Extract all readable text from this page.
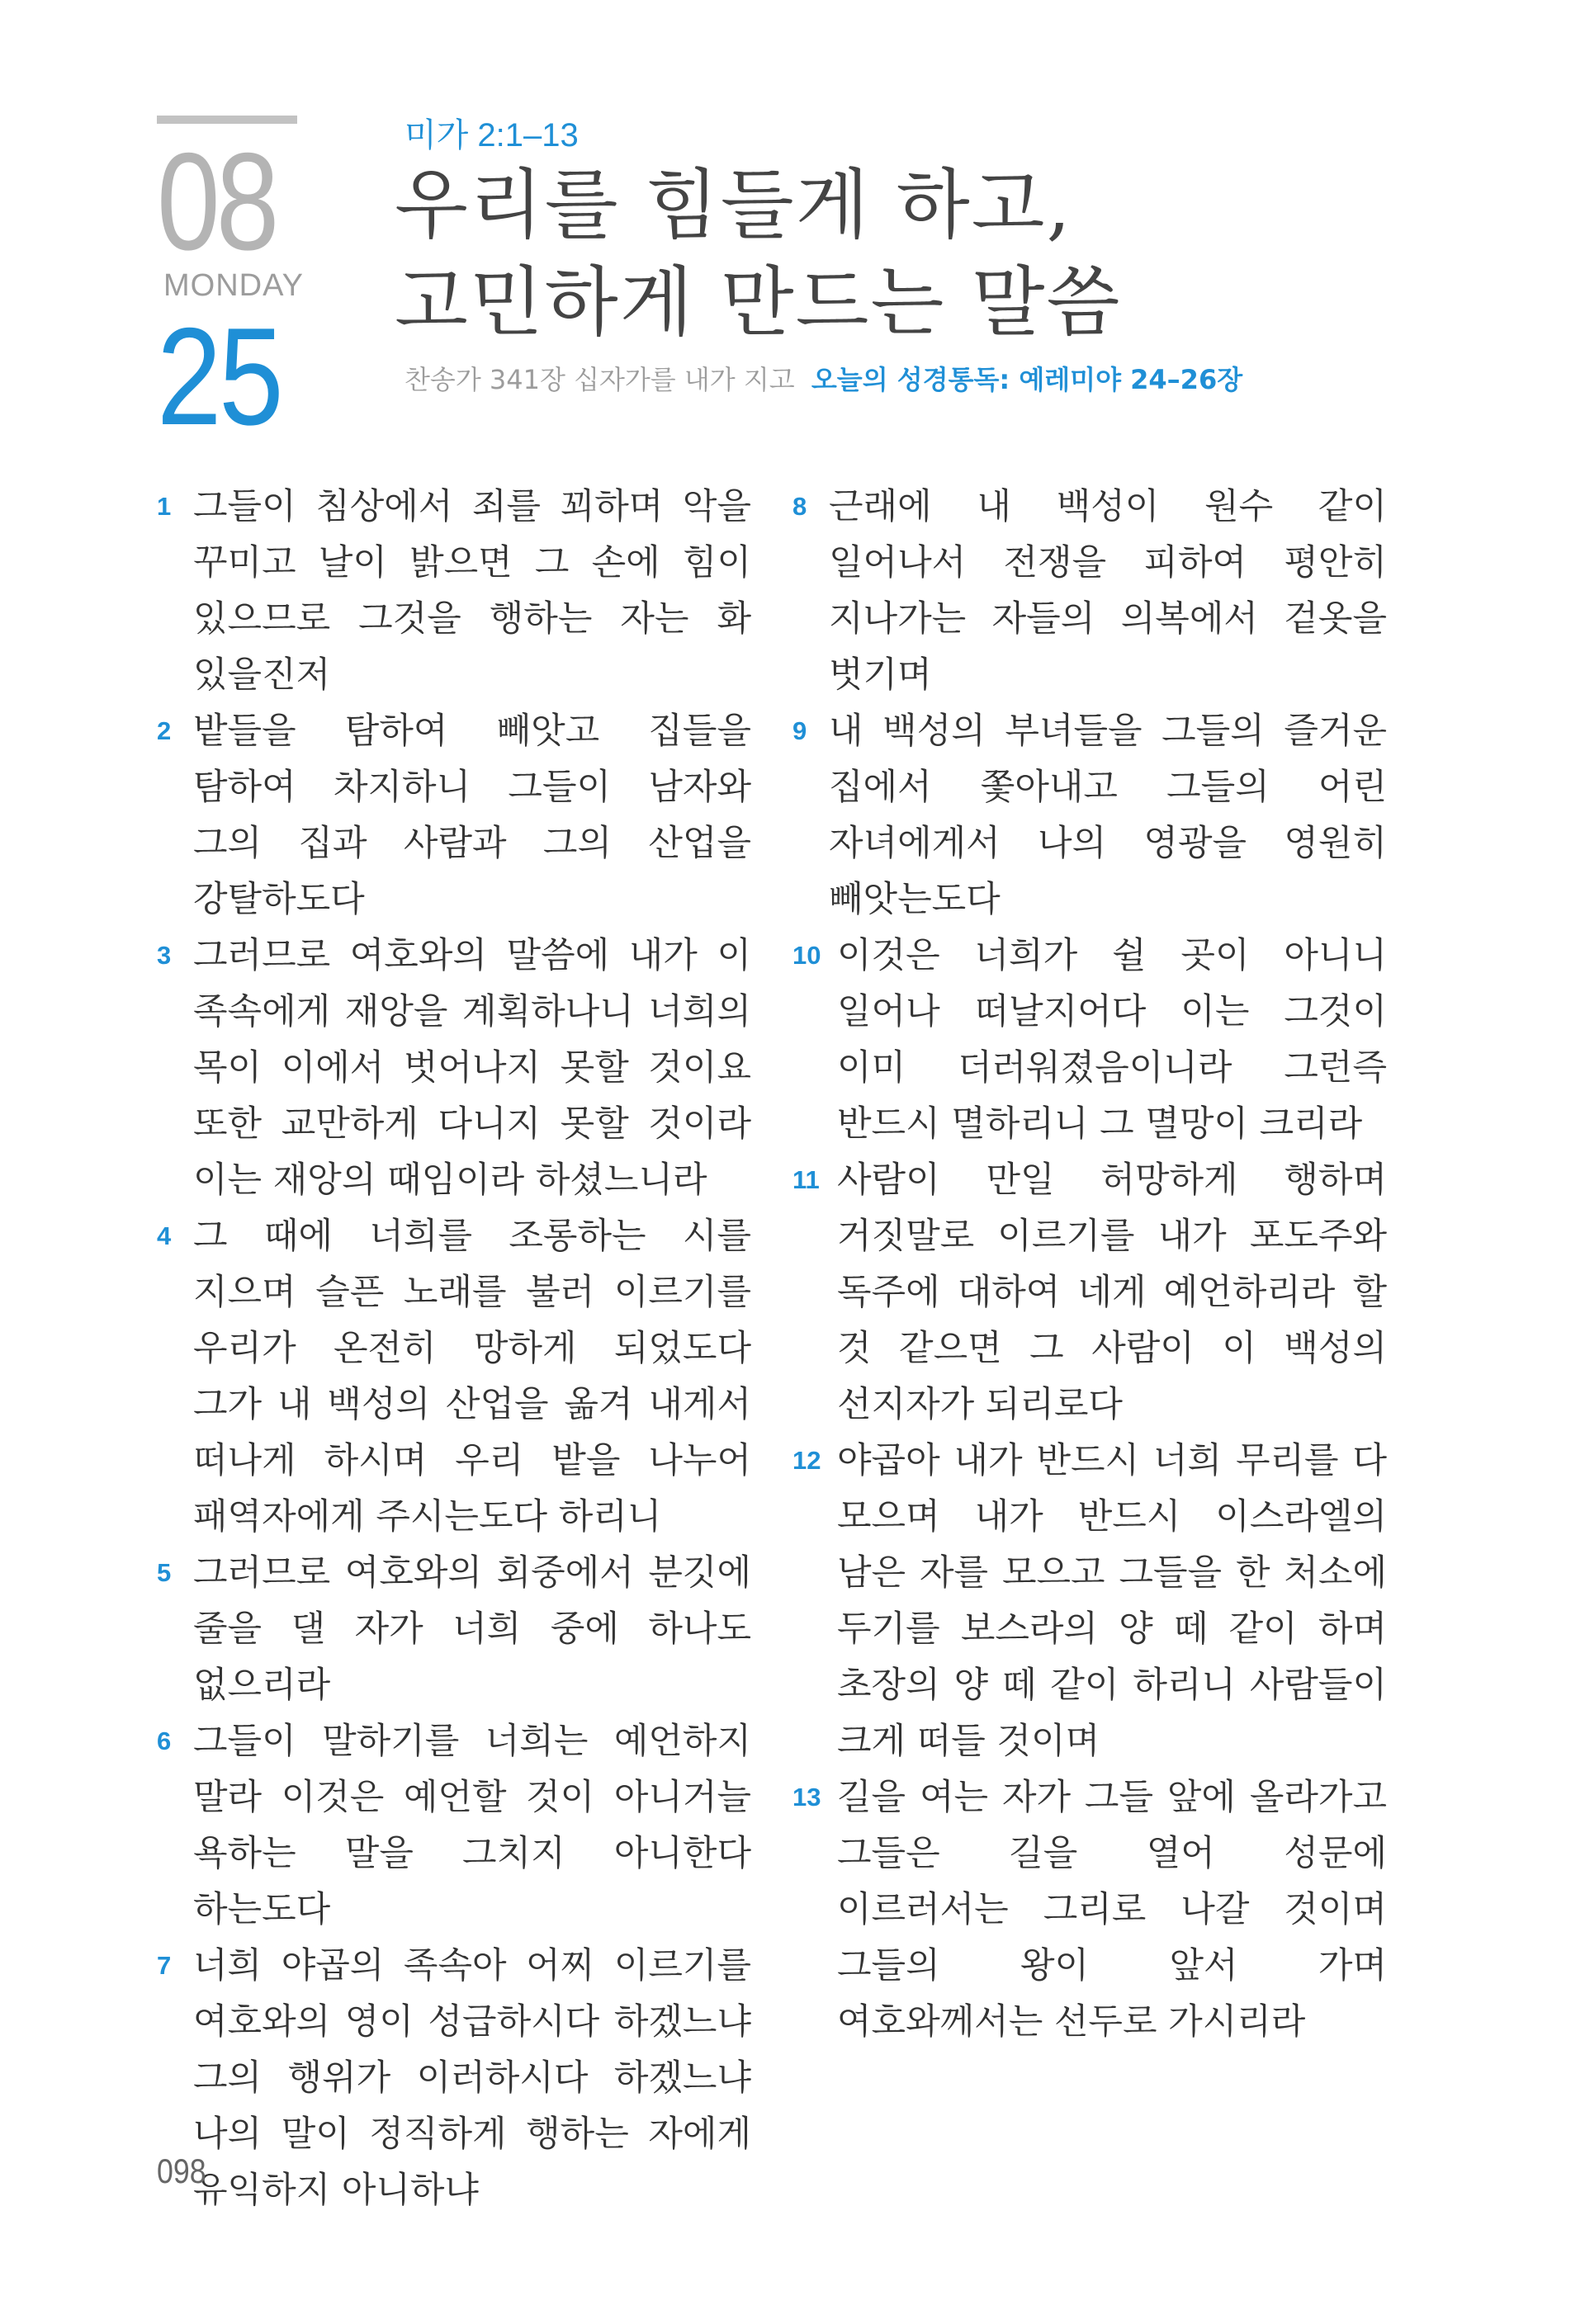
08
MONDAY
25
미가 2:1–13
우리를 힘들게 하고,
고민하게 만드는 말씀
찬송가 341장 십자가를 내가 지고 오늘의 성경통독: 예레미야 24–26장
1 그들이 침상에서 죄를 꾀하며 악을 꾸미고 날이 밝으면 그 손에 힘이 있으므로 그것을 행하는 자는 화 있을진저
2 밭들을 탐하여 빼앗고 집들을 탐하여 차지하니 그들이 남자와 그의 집과 사람과 그의 산업을 강탈하도다
3 그러므로 여호와의 말씀에 내가 이 족속에게 재앙을 계획하나니 너희의 목이 이에서 벗어나지 못할 것이요 또한 교만하게 다니지 못할 것이라 이는 재앙의 때임이라 하셨느니라
4 그 때에 너희를 조롱하는 시를 지으며 슬픈 노래를 불러 이르기를 우리가 온전히 망하게 되었도다 그가 내 백성의 산업을 옮겨 내게서 떠나게 하시며 우리 밭을 나누어 패역자에게 주시는도다 하리니
5 그러므로 여호와의 회중에서 분깃에 줄을 댈 자가 너희 중에 하나도 없으리라
6 그들이 말하기를 너희는 예언하지 말라 이것은 예언할 것이 아니거늘 욕하는 말을 그치지 아니한다 하는도다
7 너희 야곱의 족속아 어찌 이르기를 여호와의 영이 성급하시다 하겠느냐 그의 행위가 이러하시다 하겠느냐 나의 말이 정직하게 행하는 자에게 유익하지 아니하냐
8 근래에 내 백성이 원수 같이 일어나서 전쟁을 피하여 평안히 지나가는 자들의 의복에서 겉옷을 벗기며
9 내 백성의 부녀들을 그들의 즐거운 집에서 쫓아내고 그들의 어린 자녀에게서 나의 영광을 영원히 빼앗는도다
10 이것은 너희가 쉴 곳이 아니니 일어나 떠날지어다 이는 그것이 이미 더러워졌음이니라 그런즉 반드시 멸하리니 그 멸망이 크리라
11 사람이 만일 허망하게 행하며 거짓말로 이르기를 내가 포도주와 독주에 대하여 네게 예언하리라 할 것 같으면 그 사람이 이 백성의 선지자가 되리로다
12 야곱아 내가 반드시 너희 무리를 다 모으며 내가 반드시 이스라엘의 남은 자를 모으고 그들을 한 처소에 두기를 보스라의 양 떼 같이 하며 초장의 양 떼 같이 하리니 사람들이 크게 떠들 것이며
13 길을 여는 자가 그들 앞에 올라가고 그들은 길을 열어 성문에 이르러서는 그리로 나갈 것이며 그들의 왕이 앞서 가며 여호와께서는 선두로 가시리라
098
